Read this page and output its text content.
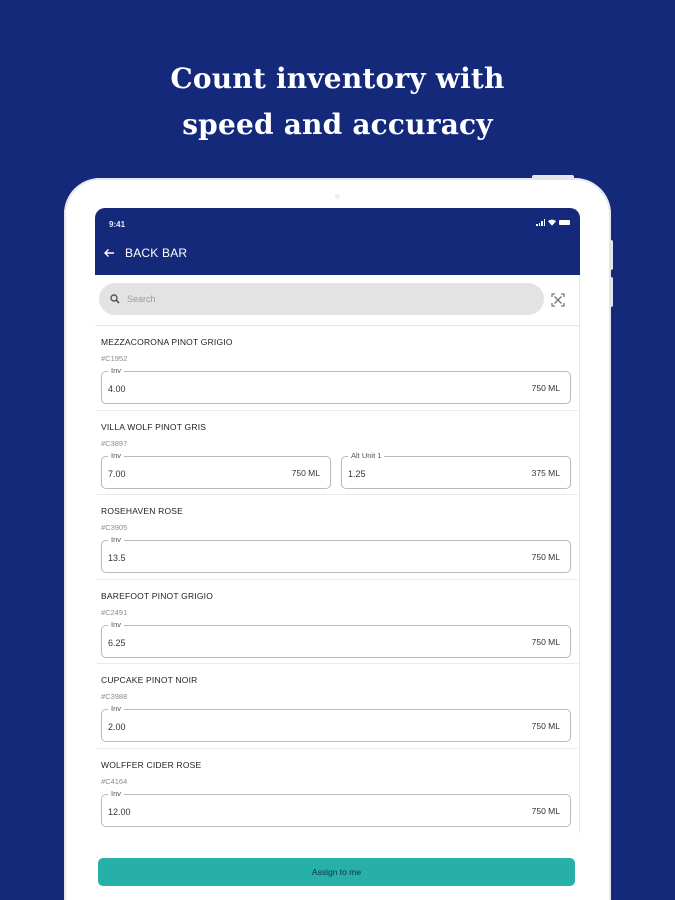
Count inventory with
speed and accuracy
9:41
BACK BAR
Search
MEZZACORONA PINOT GRIGIO
#C1952
Inv
4.00	750 ML
VILLA WOLF PINOT GRIS
#C3897
Inv
7.00	750 ML
Alt Unit 1
1.25	375 ML
ROSEHAVEN ROSE
#C3905
Inv
13.5	750 ML
BAREFOOT PINOT GRIGIO
#C2491
Inv
6.25	750 ML
CUPCAKE PINOT NOIR
#C3988
Inv
2.00	750 ML
WOLFFER CIDER ROSE
#C4164
Inv
12.00	750 ML
Assign to me
